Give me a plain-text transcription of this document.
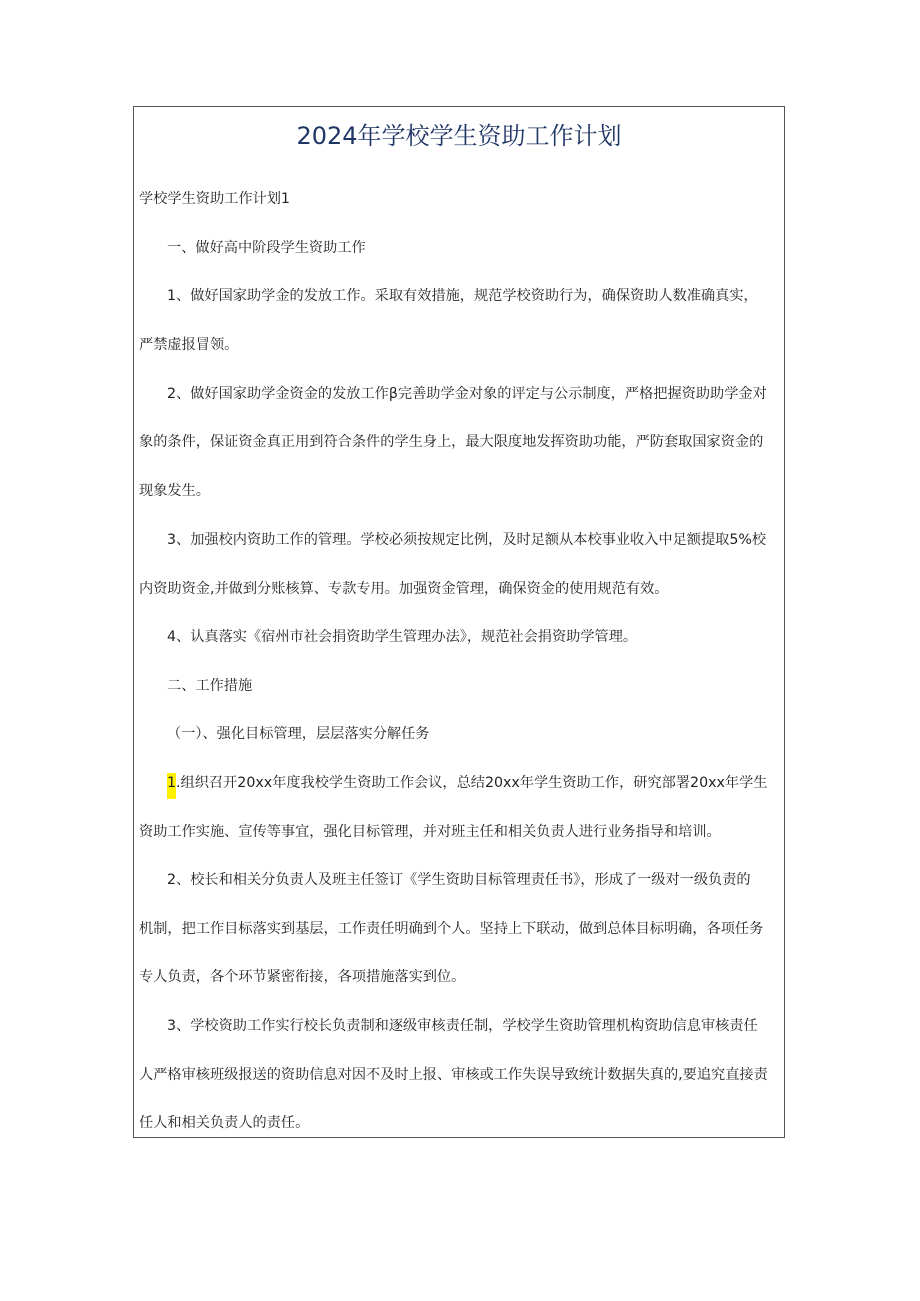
2024年学校学生资助工作计划
学校学生资助工作计划1
一、做好高中阶段学生资助工作
1、做好国家助学金的发放工作。采取有效措施，规范学校资助行为，确保资助人数准确真实，
严禁虚报冒领。
2、做好国家助学金资金的发放工作β完善助学金对象的评定与公示制度，严格把握资助助学金对
象的条件，保证资金真正用到符合条件的学生身上，最大限度地发挥资助功能，严防套取国家资金的
现象发生。
3、加强校内资助工作的管理。学校必须按规定比例，及时足额从本校事业收入中足额提取5%校
内资助资金,并做到分账核算、专款专用。加强资金管理，确保资金的使用规范有效。
4、认真落实《宿州市社会捐资助学生管理办法》，规范社会捐资助学管理。
二、工作措施
（一）、强化目标管理，层层落实分解任务
1.组织召开20xx年度我校学生资助工作会议，总结20xx年学生资助工作，研究部署20xx年学生
资助工作实施、宣传等事宜，强化目标管理，并对班主任和相关负责人进行业务指导和培训。
2、校长和相关分负责人及班主任签订《学生资助目标管理责任书》，形成了一级对一级负责的
机制，把工作目标落实到基层，工作责任明确到个人。坚持上下联动，做到总体目标明确，各项任务
专人负责，各个环节紧密衔接，各项措施落实到位。
3、学校资助工作实行校长负责制和逐级审核责任制，学校学生资助管理机构资助信息审核责任
人严格审核班级报送的资助信息对因不及时上报、审核或工作失误导致统计数据失真的,要追究直接责
任人和相关负责人的责任。
